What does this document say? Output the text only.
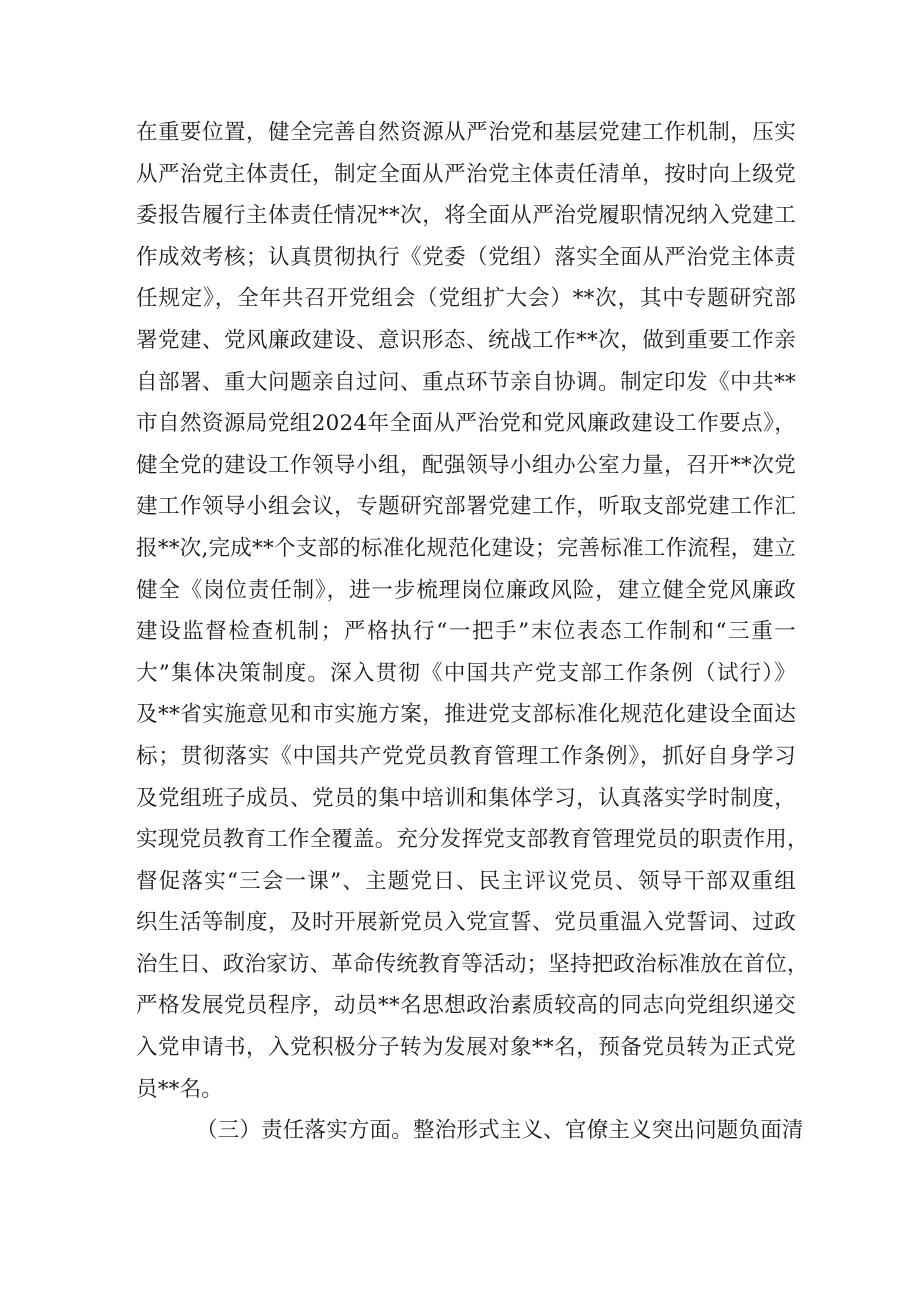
在重要位置，健全完善自然资源从严治党和基层党建工作机制，压实
从严治党主体责任，制定全面从严治党主体责任清单，按时向上级党
委报告履行主体责任情况**次，将全面从严治党履职情况纳入党建工
作成效考核；认真贯彻执行《党委（党组）落实全面从严治党主体责
任规定》，全年共召开党组会（党组扩大会）**次，其中专题研究部
署党建、党风廉政建设、意识形态、统战工作**次，做到重要工作亲
自部署、重大问题亲自过问、重点环节亲自协调。制定印发《中共**
市自然资源局党组2024年全面从严治党和党风廉政建设工作要点》，
健全党的建设工作领导小组，配强领导小组办公室力量，召开**次党
建工作领导小组会议，专题研究部署党建工作，听取支部党建工作汇
报**次,完成**个支部的标准化规范化建设；完善标准工作流程，建立
健全《岗位责任制》，进一步梳理岗位廉政风险，建立健全党风廉政
建设监督检查机制；严格执行“一把手”末位表态工作制和“三重一
大”集体决策制度。深入贯彻《中国共产党支部工作条例（试行）》
及**省实施意见和市实施方案，推进党支部标准化规范化建设全面达
标；贯彻落实《中国共产党党员教育管理工作条例》，抓好自身学习
及党组班子成员、党员的集中培训和集体学习，认真落实学时制度，
实现党员教育工作全覆盖。充分发挥党支部教育管理党员的职责作用，
督促落实“三会一课”、主题党日、民主评议党员、领导干部双重组
织生活等制度，及时开展新党员入党宣誓、党员重温入党誓词、过政
治生日、政治家访、革命传统教育等活动；坚持把政治标准放在首位，
严格发展党员程序，动员**名思想政治素质较高的同志向党组织递交
入党申请书，入党积极分子转为发展对象**名，预备党员转为正式党
员**名。
（三）责任落实方面。整治形式主义、官僚主义突出问题负面清
